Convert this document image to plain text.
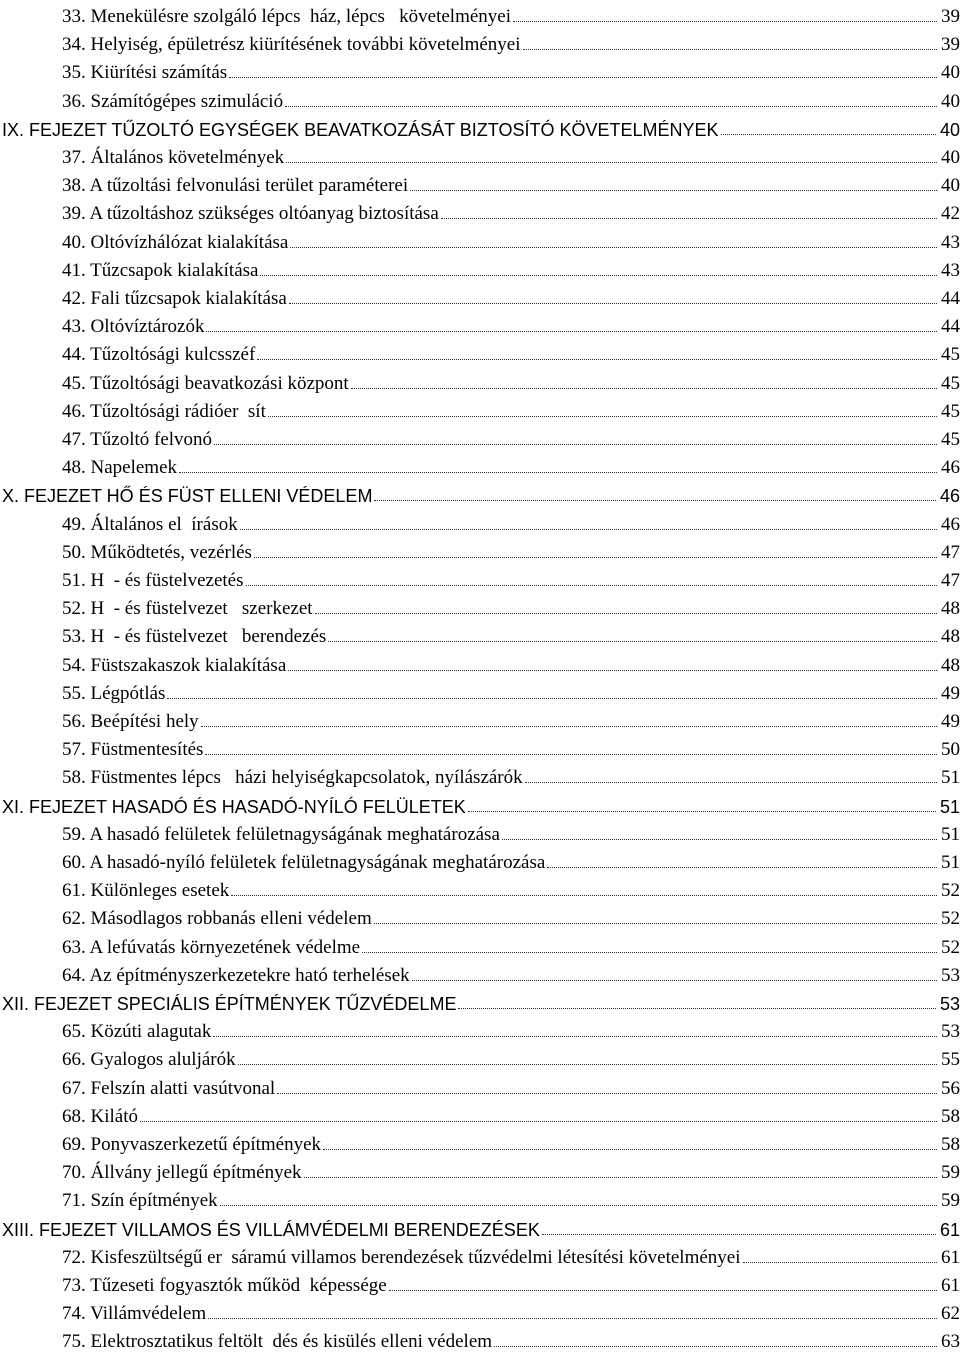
33. Menekülésre szolgáló lépcs  ház, lépcs   követelményei	39
34. Helyiség, épületrész kiürítésének további követelményei	39
35. Kiürítési számítás	40
36. Számítógépes szimuláció	40
IX. FEJEZET TŰZOLTÓ EGYSÉGEK BEAVATKOZÁSÁT BIZTOSÍTÓ KÖVETELMÉNYEK	40
37. Általános követelmények	40
38. A tűzoltási felvonulási terület paraméterei	40
39. A tűzoltáshoz szükséges oltóanyag biztosítása	42
40. Oltóvízhálózat kialakítása	43
41. Tűzcsapok kialakítása	43
42. Fali tűzcsapok kialakítása	44
43. Oltóvíztározók	44
44. Tűzoltósági kulcsszéf	45
45. Tűzoltósági beavatkozási központ	45
46. Tűzoltósági rádióer  sít	45
47. Tűzoltó felvonó	45
48. Napelemek	46
X. FEJEZET HŐ ÉS FÜST ELLENI VÉDELEM	46
49. Általános el  írások	46
50. Működtetés, vezérlés	47
51. H  - és füstelvezetés	47
52. H  - és füstelvezet   szerkezet	48
53. H  - és füstelvezet   berendezés	48
54. Füstszakaszok kialakítása	48
55. Légpótlás	49
56. Beépítési hely	49
57. Füstmentesítés	50
58. Füstmentes lépcs   házi helyiségkapcsolatok, nyílászárók	51
XI. FEJEZET HASADÓ ÉS HASADÓ-NYÍLÓ FELÜLETEK	51
59. A hasadó felületek felületnagyságának meghatározása	51
60. A hasadó-nyíló felületek felületnagyságának meghatározása	51
61. Különleges esetek	52
62. Másodlagos robbanás elleni védelem	52
63. A lefúvatás környezetének védelme	52
64. Az építményszerkezetekre ható terhelések	53
XII. FEJEZET SPECIÁLIS ÉPÍTMÉNYEK TŰZVÉDELME	53
65. Közúti alagutak	53
66. Gyalogos aluljárók	55
67. Felszín alatti vasútvonal	56
68. Kilátó	58
69. Ponyvaszerkezetű építmények	58
70. Állvány jellegű építmények	59
71. Szín építmények	59
XIII. FEJEZET VILLAMOS ÉS VILLÁMVÉDELMI BERENDEZÉSEK	61
72. Kisfeszültségű er  sáramú villamos berendezések tűzvédelmi létesítési követelményei	61
73. Tűzeseti fogyasztók működ  képessége	61
74. Villámvédelem	62
75. Elektrosztatikus feltölt  dés és kisülés elleni védelem	63
